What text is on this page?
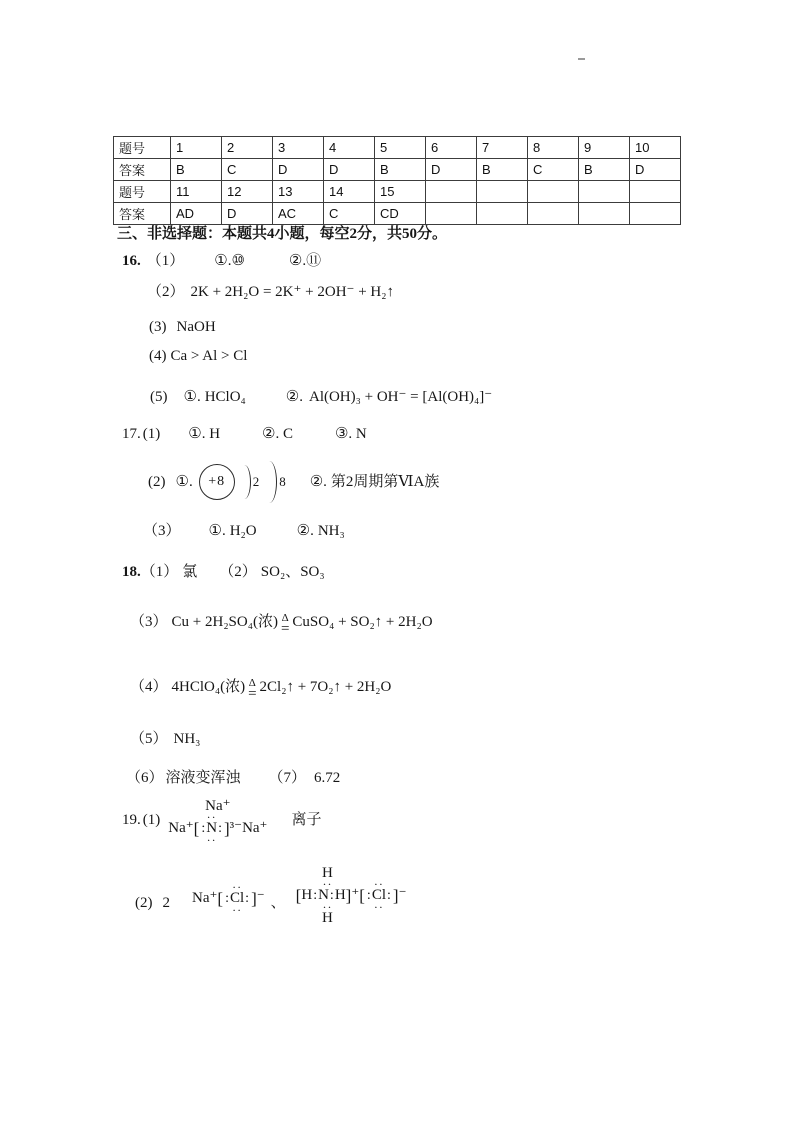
题号	1	2	3	4	5	6	7	8	9	10
答案	B	C	D	D	B	D	B	C	B	D
题号	11	12	13	14	15					
答案	AD	D	AC	C	CD					
三、非选择题：本题共4小题，每空2分，共50分。
16. （1） ①.⑩	②.⑪
（2） 2K + 2H₂O = 2K⁺ + 2OH⁻ + H₂↑
(3) NaOH
(4) Ca > Al > Cl
(5) ①. HClO₄	②. Al(OH)₃ + OH⁻ = [Al(OH)₄]⁻
17. (1) ①. H	②. C	③. N
(2) ①.	+8	2 8 ②. 第2周期第ⅥA族
（3） ①. H₂O	②. NH₃
18. （1） 氯 （2） SO₂、SO₃
（3） Cu + 2H₂SO₄(浓) Δ
= CuSO₄ + SO₂↑ + 2H₂O
（4） 4HClO₄(浓) Δ
= 2Cl₂↑ + 7O₂↑ + 2H₂O
（5） NH₃
（6） 溶液变浑浊 （7） 6.72
19. (1)
Na⁺
Na⁺ [
··
: N :
··
] ³⁻ Na⁺ 离子
(2) 2 Na⁺ [
··
: Cl :
··
] ⁻ 、
H
··
[ H : N : H ] ⁺
··
H
[
··
: Cl :
··
] ⁻
